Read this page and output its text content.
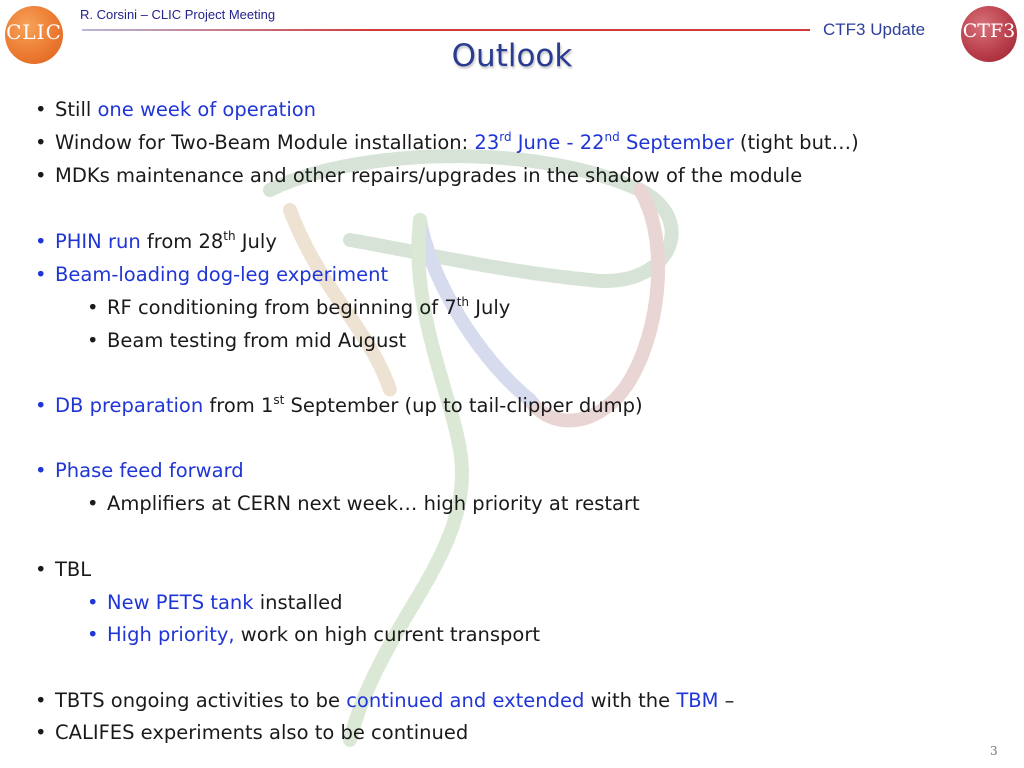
CLIC
R. Corsini – CLIC Project Meeting
CTF3 Update CTF3
Outlook
• Still one week of operation
• Window for Two-Beam Module installation: 23rd June - 22nd September (tight but…)
• MDKs maintenance and other repairs/upgrades in the shadow of the module
• PHIN run from 28th July
• Beam-loading dog-leg experiment
• RF conditioning from beginning of 7th July
• Beam testing from mid August
• DB preparation from 1st September (up to tail-clipper dump)
• Phase feed forward
• Amplifiers at CERN next week… high priority at restart
• TBL
• New PETS tank installed
• High priority, work on high current transport
• TBTS ongoing activities to be continued and extended with the TBM –
• CALIFES experiments also to be continued
3
